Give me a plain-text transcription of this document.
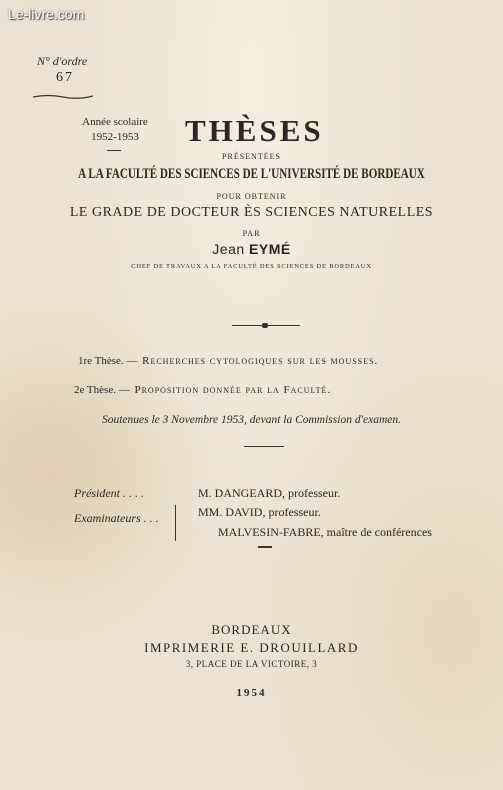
Le-livre.com
N° d'ordre
67
Année scolaire
1952-1953	THÈSES
PRÉSENTÉES
A LA FACULTÉ DES SCIENCES DE L'UNIVERSITÉ DE BORDEAUX
POUR OBTENIR
LE GRADE DE DOCTEUR ÈS SCIENCES NATURELLES
PAR
Jean EYMÉ
CHEF DE TRAVAUX A LA FACULTÉ DES SCIENCES DE BORDEAUX
1re Thèse. — Recherches cytologiques sur les mousses.
2e Thèse. — Proposition donnée par la Faculté.
Soutenues le 3 Novembre 1953, devant la Commission d'examen.
Président . . . .	M. DANGEARD, professeur.
Examinateurs . . .	MM. DAVID, professeur.
MALVESIN-FABRE, maître de conférences
BORDEAUX
IMPRIMERIE E. DROUILLARD
3, PLACE DE LA VICTOIRE, 3
1954
